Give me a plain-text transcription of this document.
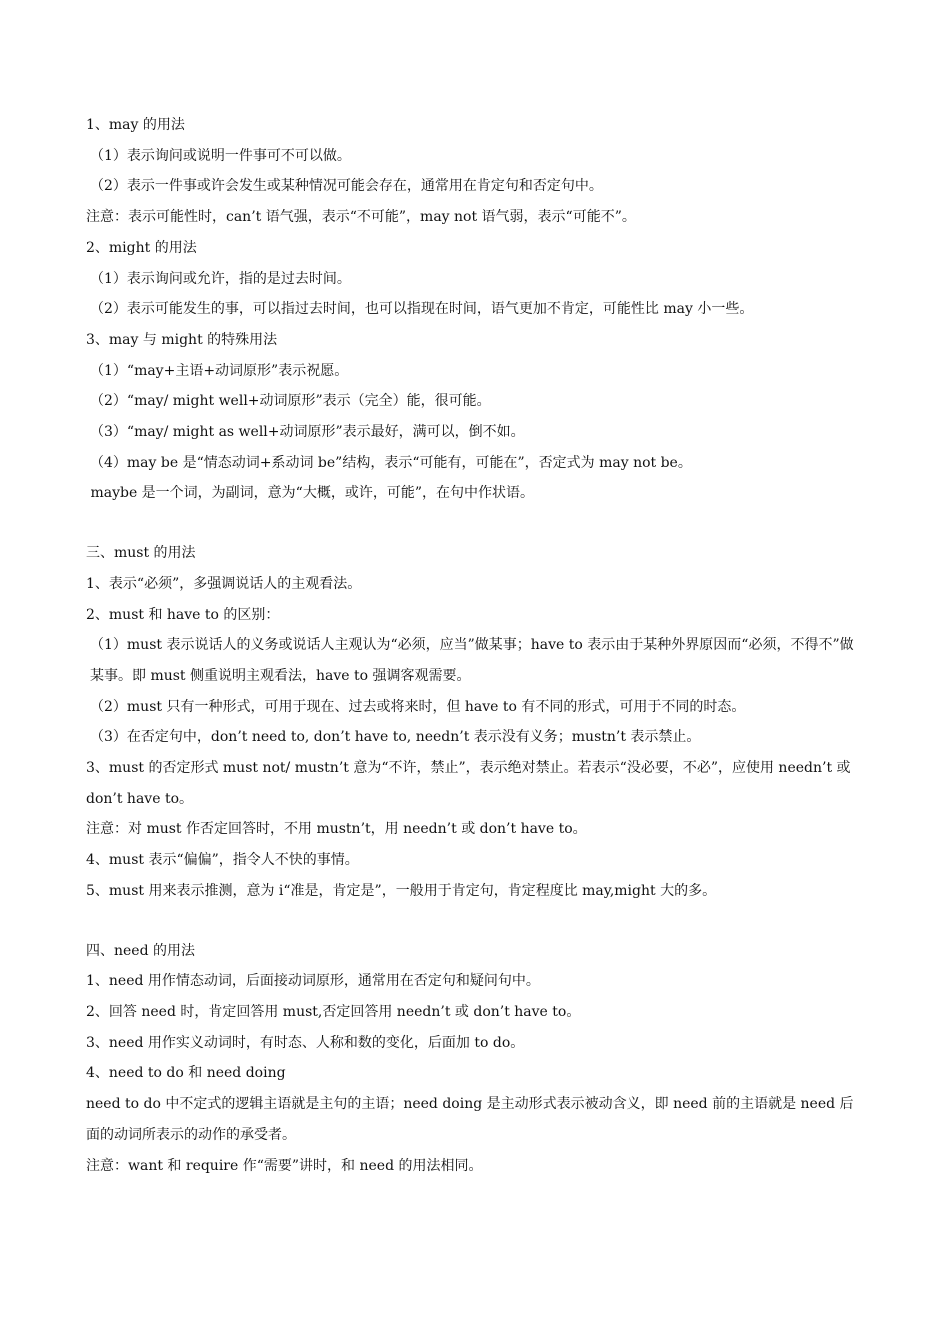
1、may 的用法
（1）表示询问或说明一件事可不可以做。
（2）表示一件事或许会发生或某种情况可能会存在，通常用在肯定句和否定句中。
注意：表示可能性时，can’t 语气强，表示“不可能”，may not 语气弱，表示“可能不”。
2、might 的用法
（1）表示询问或允许，指的是过去时间。
（2）表示可能发生的事，可以指过去时间，也可以指现在时间，语气更加不肯定，可能性比 may 小一些。
3、may 与 might 的特殊用法
（1）“may+主语+动词原形”表示祝愿。
（2）“may/ might well+动词原形”表示（完全）能，很可能。
（3）“may/ might as well+动词原形”表示最好，满可以，倒不如。
（4）may be 是“情态动词+系动词 be”结构，表示“可能有，可能在”，否定式为 may not be。
maybe 是一个词，为副词，意为“大概，或许，可能”，在句中作状语。
三、must 的用法
1、表示“必须”，多强调说话人的主观看法。
2、must 和 have to 的区别：
（1）must 表示说话人的义务或说话人主观认为“必须，应当”做某事；have to 表示由于某种外界原因而“必须，不得不”做某事。即 must 侧重说明主观看法，have to 强调客观需要。
（2）must 只有一种形式，可用于现在、过去或将来时，但 have to 有不同的形式，可用于不同的时态。
（3）在否定句中，don’t need to, don’t have to, needn’t 表示没有义务；mustn’t 表示禁止。
3、must 的否定形式 must not/ mustn’t 意为“不许，禁止”，表示绝对禁止。若表示“没必要，不必”，应使用 needn’t 或 don’t have to。
注意：对 must 作否定回答时，不用 mustn’t，用 needn’t 或 don’t have to。
4、must 表示“偏偏”，指令人不快的事情。
5、must 用来表示推测，意为 i“准是，肯定是”，一般用于肯定句，肯定程度比 may,might 大的多。
四、need 的用法
1、need 用作情态动词，后面接动词原形，通常用在否定句和疑问句中。
2、回答 need 时，肯定回答用 must,否定回答用 needn’t 或 don’t have to。
3、need 用作实义动词时，有时态、人称和数的变化，后面加 to do。
4、need to do 和 need doing
need to do 中不定式的逻辑主语就是主句的主语；need doing 是主动形式表示被动含义，即 need 前的主语就是 need 后面的动词所表示的动作的承受者。
注意：want 和 require 作“需要”讲时，和 need 的用法相同。
